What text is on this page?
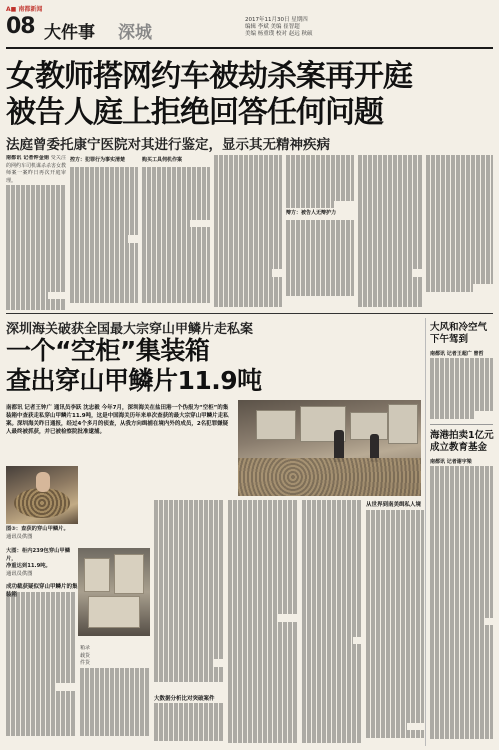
A■ 南都新闻
08 大件事 深城
2017年11月30日 星期四
编辑 李斌 美编 崔智超
美编 杨重璞 校对 赵远 秋硕
女教师搭网约车被劫杀案再开庭
被告人庭上拒绝回答任何问题
法庭曾委托康宁医院对其进行鉴定，显示其无精神疾病
南都讯 记者钟金娟 受关注的网约车司机谋杀杀害女教师案一案昨日再次开庭审理。
控方：犯罪行为事实清楚	购买工具伺机作案
辩方：被告人无辩护力
深圳海关破获全国最大宗穿山甲鳞片走私案
一个“空柜”集装箱
查出穿山甲鳞片11.9吨
南都讯 记者王钟广 通讯员李跃 沈忠毅 今年7月，深圳海关在盐田港一个伪报为“空柜”的集装箱中查获走私穿山甲鳞片11.9吨，这是中国海关历年来单次查获的最大宗穿山甲鳞片走私案。深圳海关昨日通报，经过4个多月的侦查，从我方向缉捕在境内外的成员，2名犯罪嫌疑人最终被抓获，并已被检察院批准逮捕。
图③：查获的穿山甲鳞片。
通讯员供图
大图：柜内239包穿山甲鳞片，
净重达到11.9吨。
通讯员供图
成功截获疑似穿山甲鳞片的集装箱
箱录
载货
件货
大数据分析比对突破案件
从世界到南美缉私人境
大风和冷空气
下午驾到
南都讯 记者王超广 曾哲
海港拍卖1亿元
成立教育基金
南都讯 记者谢宇梁
